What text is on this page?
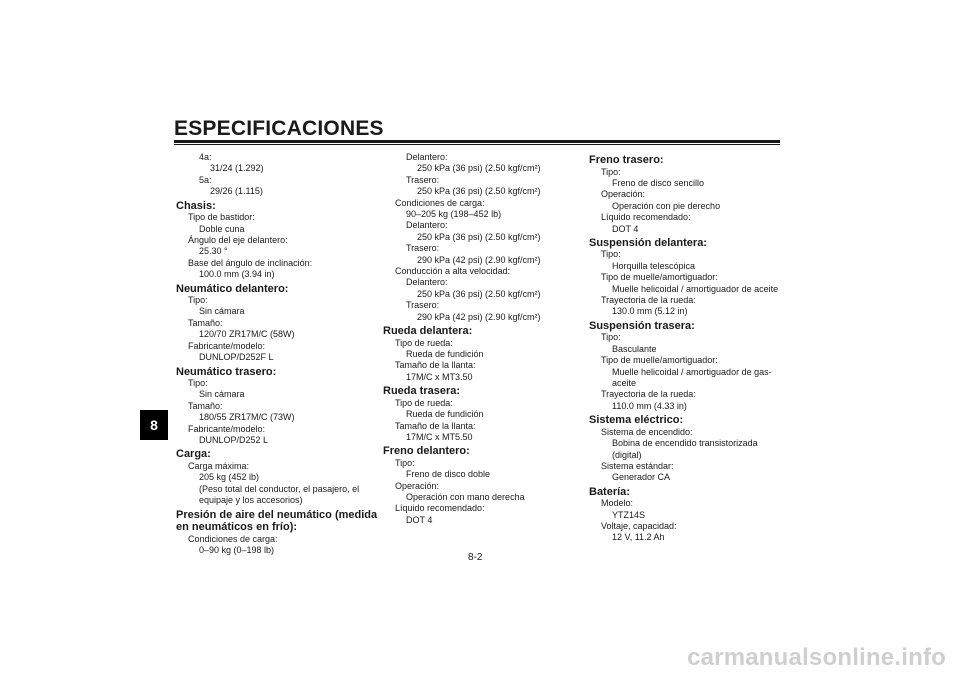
ESPECIFICACIONES
8
4a:
31/24 (1.292)
5a:
29/26 (1.115)
Chasis:
Tipo de bastidor:
Doble cuna
Ángulo del eje delantero:
25.30 °
Base del ángulo de inclinación:
100.0 mm (3.94 in)
Neumático delantero:
Tipo:
Sin cámara
Tamaño:
120/70 ZR17M/C (58W)
Fabricante/modelo:
DUNLOP/D252F L
Neumático trasero:
Tipo:
Sin cámara
Tamaño:
180/55 ZR17M/C (73W)
Fabricante/modelo:
DUNLOP/D252 L
Carga:
Carga máxima:
205 kg (452 lb)
(Peso total del conductor, el pasajero, el
equipaje y los accesorios)
Presión de aire del neumático (medida
en neumáticos en frío):
Condiciones de carga:
0–90 kg (0–198 lb)
Delantero:
250 kPa (36 psi) (2.50 kgf/cm²)
Trasero:
250 kPa (36 psi) (2.50 kgf/cm²)
Condiciones de carga:
90–205 kg (198–452 lb)
Delantero:
250 kPa (36 psi) (2.50 kgf/cm²)
Trasero:
290 kPa (42 psi) (2.90 kgf/cm²)
Conducción a alta velocidad:
Delantero:
250 kPa (36 psi) (2.50 kgf/cm²)
Trasero:
290 kPa (42 psi) (2.90 kgf/cm²)
Rueda delantera:
Tipo de rueda:
Rueda de fundición
Tamaño de la llanta:
17M/C x MT3.50
Rueda trasera:
Tipo de rueda:
Rueda de fundición
Tamaño de la llanta:
17M/C x MT5.50
Freno delantero:
Tipo:
Freno de disco doble
Operación:
Operación con mano derecha
Líquido recomendado:
DOT 4
Freno trasero:
Tipo:
Freno de disco sencillo
Operación:
Operación con pie derecho
Líquido recomendado:
DOT 4
Suspensión delantera:
Tipo:
Horquilla telescópica
Tipo de muelle/amortiguador:
Muelle helicoidal / amortiguador de aceite
Trayectoria de la rueda:
130.0 mm (5.12 in)
Suspensión trasera:
Tipo:
Basculante
Tipo de muelle/amortiguador:
Muelle helicoidal / amortiguador de gas-
aceite
Trayectoria de la rueda:
110.0 mm (4.33 in)
Sistema eléctrico:
Sistema de encendido:
Bobina de encendido transistorizada
(digital)
Sistema estándar:
Generador CA
Batería:
Modelo:
YTZ14S
Voltaje, capacidad:
12 V, 11.2 Ah
8-2
carmanualsonline.info
